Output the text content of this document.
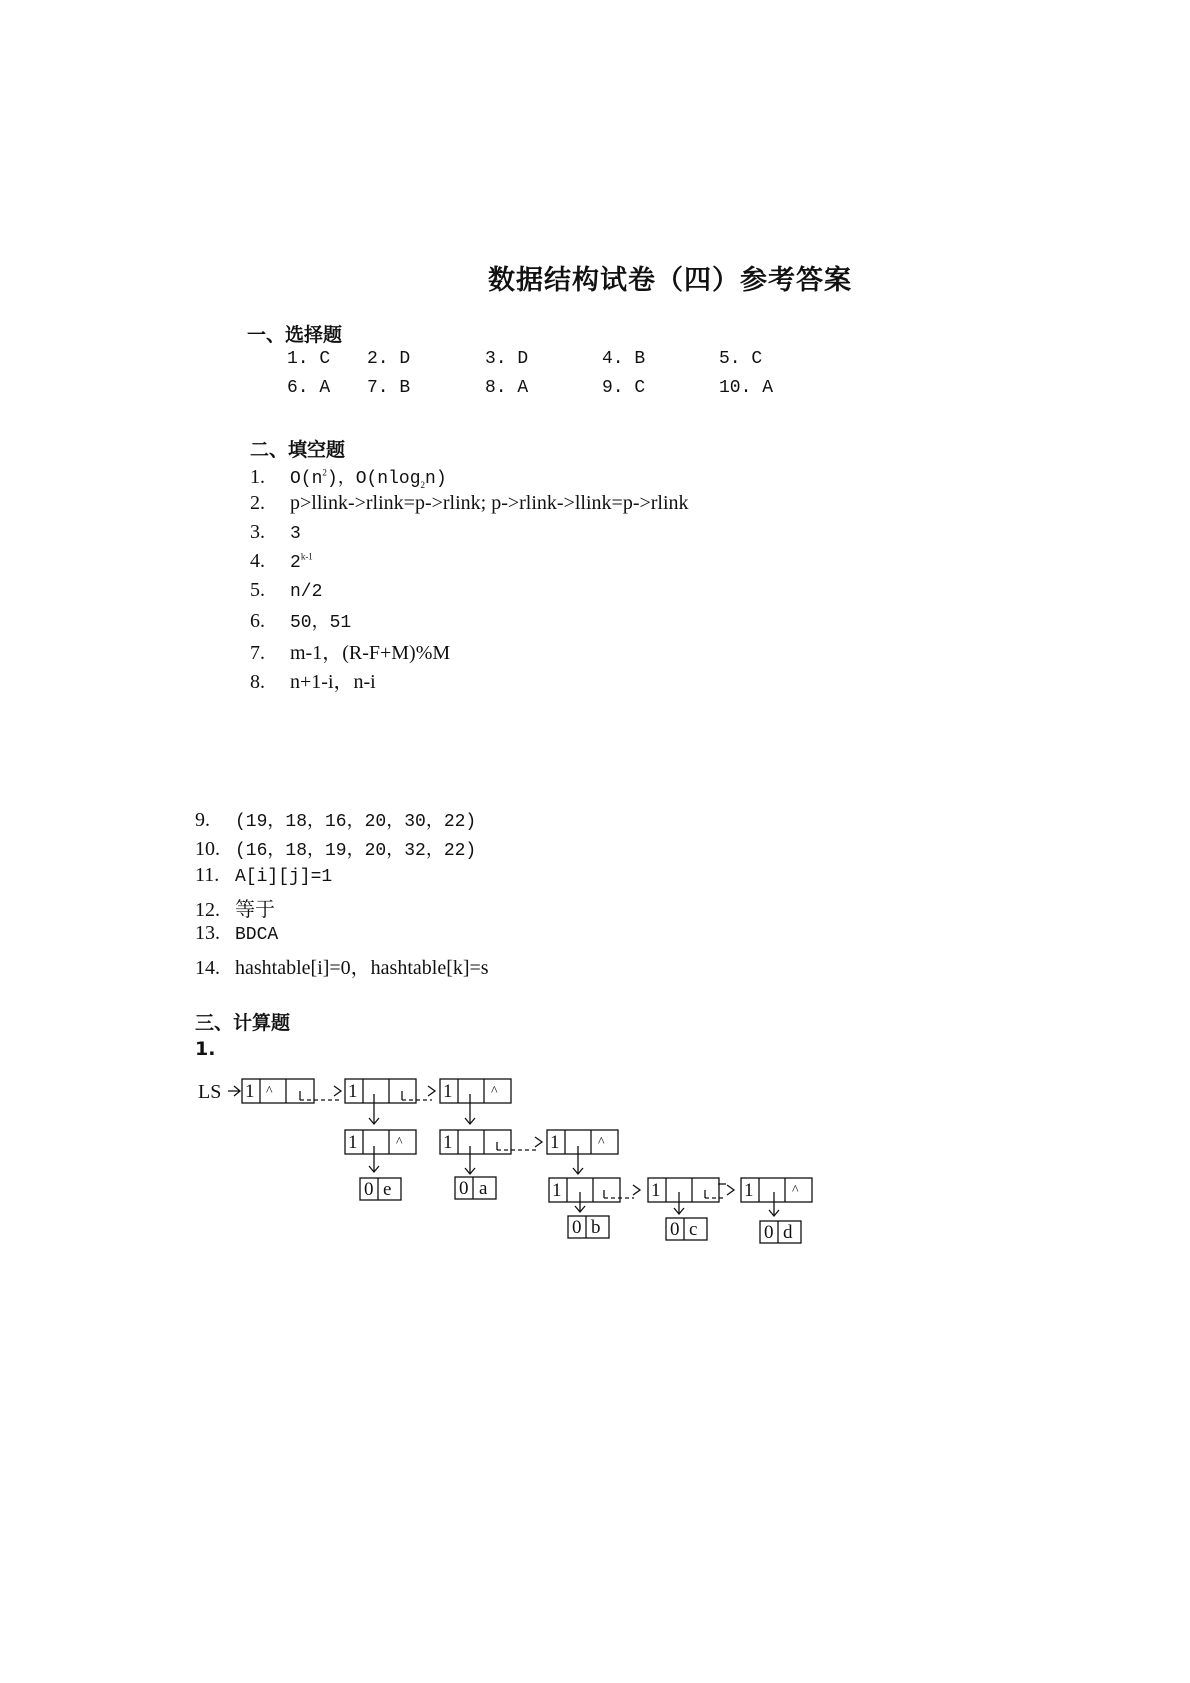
数据结构试卷（四）参考答案
一、选择题
1. C 2. D	3. D	4. B	5. C
6. A 7. B	8. A	9. C	10. A
二、填空题
1. $O(n^2)$，O(nlog$_2$n)
2. p>llink->rlink=p->rlink; p->rlink->llink=p->rlink
3. 3
4. 2$^{k-1}$
5. n/2
6. 50，51
7. m-1，(R-F+M)%M
8. n+1-i，n-i
9. (19，18，16，20，30，22)
10. (16，18，19，20，32，22)
11. A[i][j]=1
12. 等于
13. BDCA
14. hashtable[i]=0，hashtable[k]=s
三、计算题
1.
LS 1 ^	1	1	^
1	^ 1	1	^
1	1	1	^
0 e	0 a
0 b	0 c	0 d
